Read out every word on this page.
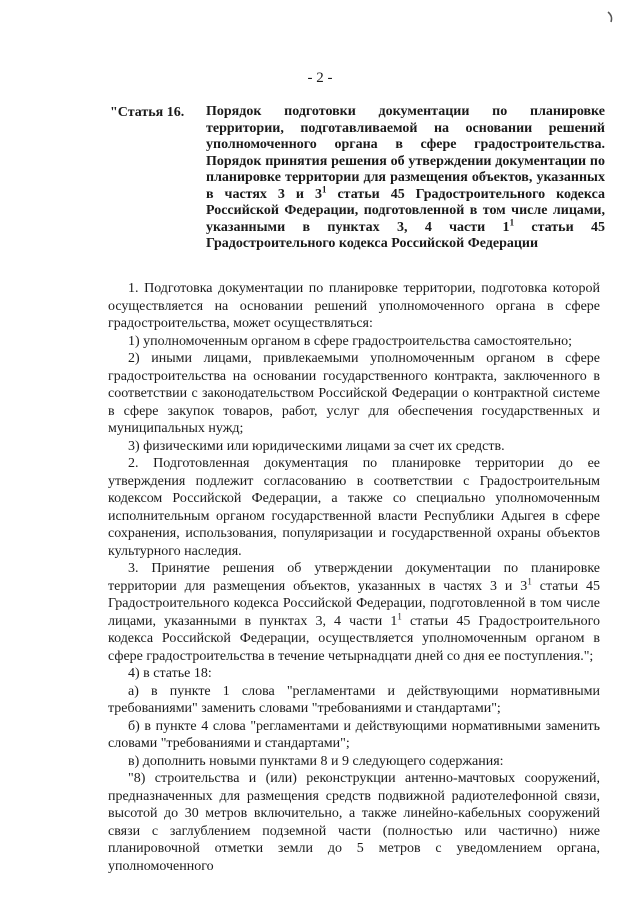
- 2 -
"Статья 16.	Порядок подготовки документации по планировке территории, подготавливаемой на основании решений уполномоченного органа в сфере градостроительства. Порядок принятия решения об утверждении документации по планировке территории для размещения объектов, указанных в частях 3 и $3^1$ статьи 45 Градостроительного кодекса Российской Федерации, подготовленной в том числе лицами, указанными в пунктах 3, 4 части $1^1$ статьи 45 Градостроительного кодекса Российской Федерации

1. Подготовка документации по планировке территории, подготовка которой осуществляется на основании решений уполномоченного органа в сфере градостроительства, может осуществляться:

1) уполномоченным органом в сфере градостроительства самостоятельно;

2) иными лицами, привлекаемыми уполномоченным органом в сфере градостроительства на основании государственного контракта, заключенного в соответствии с законодательством Российской Федерации о контрактной системе в сфере закупок товаров, работ, услуг для обеспечения государственных и муниципальных нужд;

3) физическими или юридическими лицами за счет их средств.

2. Подготовленная документация по планировке территории до ее утверждения подлежит согласованию в соответствии с Градостроительным кодексом Российской Федерации, а также со специально уполномоченным исполнительным органом государственной власти Республики Адыгея в сфере сохранения, использования, популяризации и государственной охраны объектов культурного наследия.

3. Принятие решения об утверждении документации по планировке территории для размещения объектов, указанных в частях 3 и $3^1$ статьи 45 Градостроительного кодекса Российской Федерации, подготовленной в том числе лицами, указанными в пунктах 3, 4 части $1^1$ статьи 45 Градостроительного кодекса Российской Федерации, осуществляется уполномоченным органом в сфере градостроительства в течение четырнадцати дней со дня ее поступления.";

4) в статье 18:

а) в пункте 1 слова "регламентами и действующими нормативными требованиями" заменить словами "требованиями и стандартами";

б) в пункте 4 слова "регламентами и действующими нормативными заменить словами "требованиями и стандартами";

в) дополнить новыми пунктами 8 и 9 следующего содержания:

"8) строительства и (или) реконструкции антенно-мачтовых сооружений, предназначенных для размещения средств подвижной радиотелефонной связи, высотой до 30 метров включительно, а также линейно-кабельных сооружений связи с заглублением подземной части (полностью или частично) ниже планировочной отметки земли до 5 метров с уведомлением органа, уполномоченного
